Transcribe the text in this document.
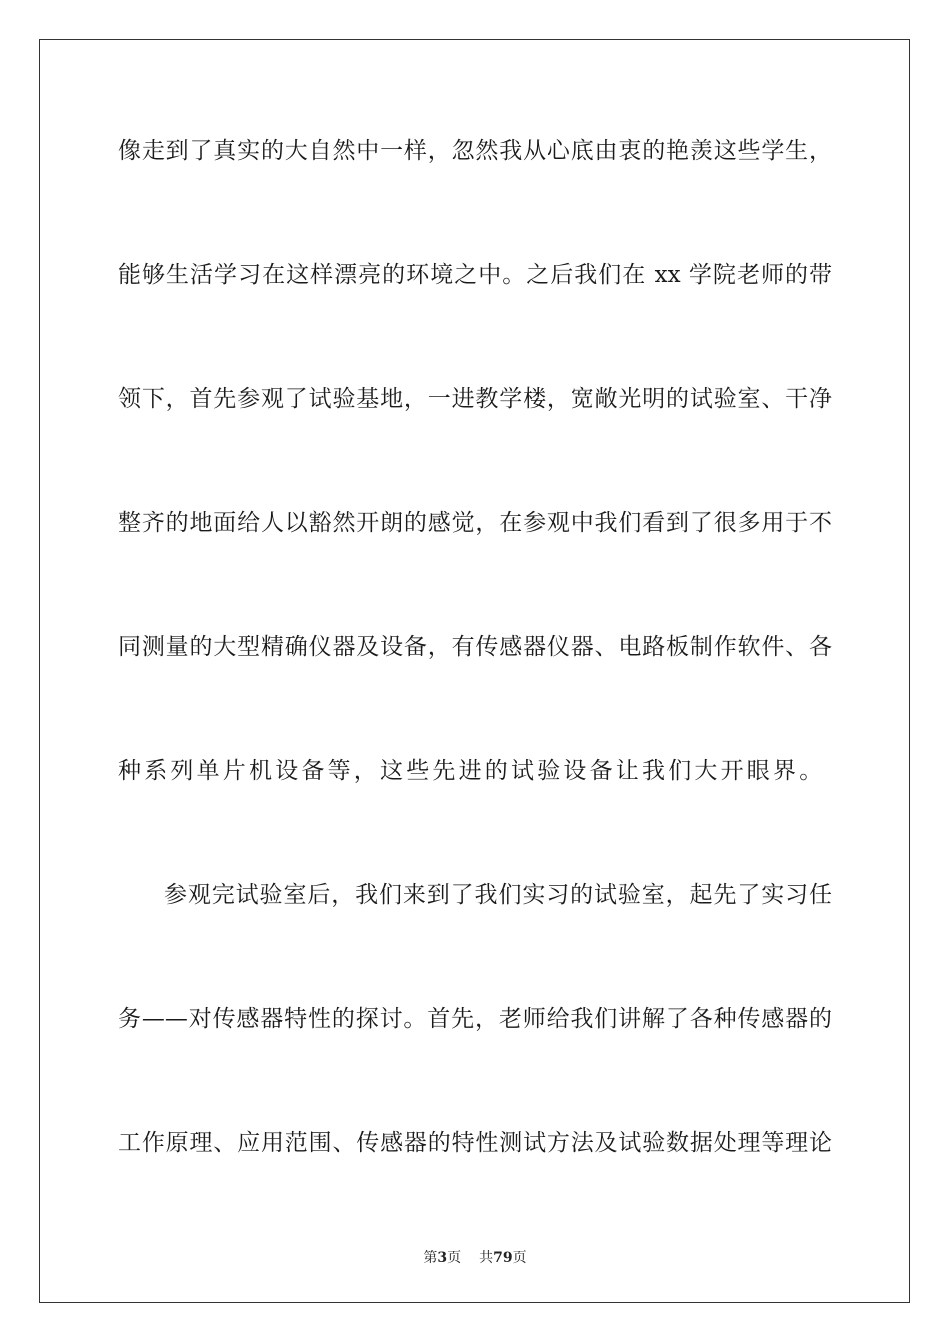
像走到了真实的大自然中一样，忽然我从心底由衷的艳羡这些学生，

能够生活学习在这样漂亮的环境之中。之后我们在 xx 学院老师的带

领下，首先参观了试验基地，一进教学楼，宽敞光明的试验室、干净

整齐的地面给人以豁然开朗的感觉，在参观中我们看到了很多用于不

同测量的大型精确仪器及设备，有传感器仪器、电路板制作软件、各

种系列单片机设备等，这些先进的试验设备让我们大开眼界。

参观完试验室后，我们来到了我们实习的试验室，起先了实习任

务——对传感器特性的探讨。首先，老师给我们讲解了各种传感器的

工作原理、应用范围、传感器的特性测试方法及试验数据处理等理论

第3页 共79页
